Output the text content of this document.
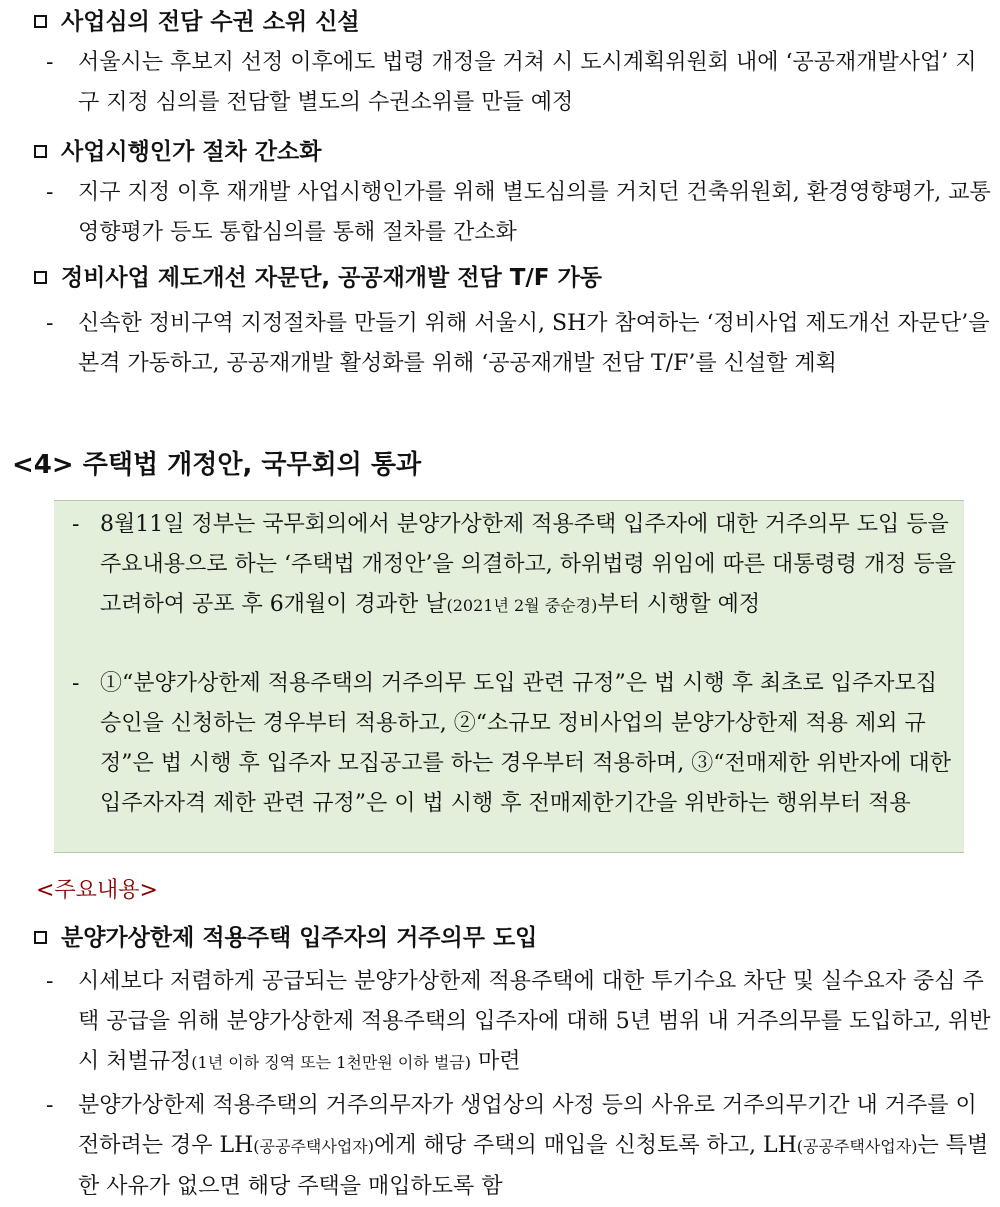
사업심의 전담 수권 소위 신설
-	서울시는 후보지 선정 이후에도 법령 개정을 거쳐 시 도시계획위원회 내에 ‘공공재개발사업’ 지구 지정 심의를 전담할 별도의 수권소위를 만들 예정
사업시행인가 절차 간소화
-	지구 지정 이후 재개발 사업시행인가를 위해 별도심의를 거치던 건축위원회, 환경영향평가, 교통영향평가 등도 통합심의를 통해 절차를 간소화
정비사업 제도개선 자문단, 공공재개발 전담 T/F 가동
-	신속한 정비구역 지정절차를 만들기 위해 서울시, SH가 참여하는 ‘정비사업 제도개선 자문단’을 본격 가동하고, 공공재개발 활성화를 위해 ‘공공재개발 전담 T/F’를 신설할 계획
<4> 주택법 개정안, 국무회의 통과
- 8월11일 정부는 국무회의에서 분양가상한제 적용주택 입주자에 대한 거주의무 도입 등을 주요내용으로 하는 ‘주택법 개정안’을 의결하고, 하위법령 위임에 따른 대통령령 개정 등을 고려하여 공포 후 6개월이 경과한 날(2021년 2월 중순경)부터 시행할 예정
- ①“분양가상한제 적용주택의 거주의무 도입 관련 규정”은 법 시행 후 최초로 입주자모집승인을 신청하는 경우부터 적용하고, ②“소규모 정비사업의 분양가상한제 적용 제외 규정”은 법 시행 후 입주자 모집공고를 하는 경우부터 적용하며, ③“전매제한 위반자에 대한 입주자자격 제한 관련 규정”은 이 법 시행 후 전매제한기간을 위반하는 행위부터 적용
<주요내용>
분양가상한제 적용주택 입주자의 거주의무 도입
-	시세보다 저렴하게 공급되는 분양가상한제 적용주택에 대한 투기수요 차단 및 실수요자 중심 주택 공급을 위해 분양가상한제 적용주택의 입주자에 대해 5년 범위 내 거주의무를 도입하고, 위반 시 처벌규정(1년 이하 징역 또는 1천만원 이하 벌금) 마련
-	분양가상한제 적용주택의 거주의무자가 생업상의 사정 등의 사유로 거주의무기간 내 거주를 이전하려는 경우 LH(공공주택사업자)에게 해당 주택의 매입을 신청토록 하고, LH(공공주택사업자)는 특별한 사유가 없으면 해당 주택을 매입하도록 함
